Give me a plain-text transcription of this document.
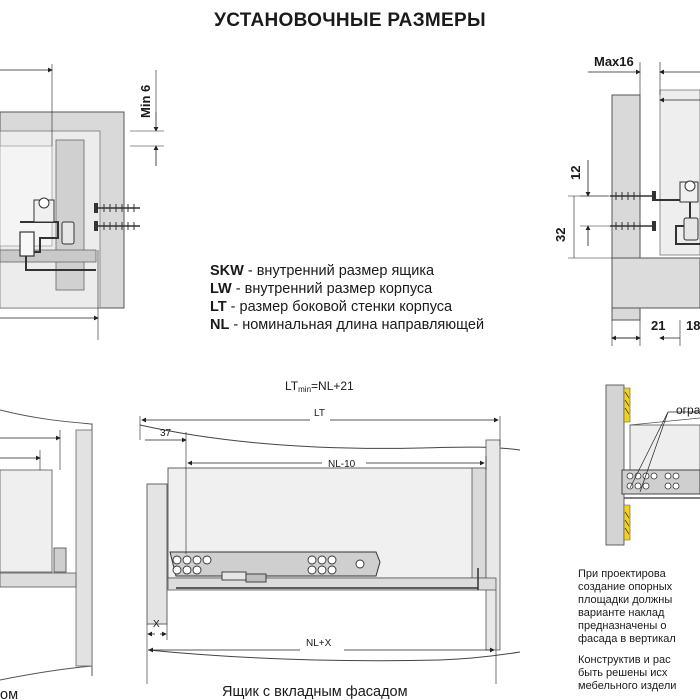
УСТАНОВОЧНЫЕ РАЗМЕРЫ
Min 6
Max16
12
32
21 18
ом
LTmin=NL+21
LT
37
NL-10
X
NL+X
огра
SKW - внутренний размер ящика
LW - внутренний размер корпуса
LT - размер боковой стенки корпуса
NL - номинальная длина направляющей
При проектирова
создание опорных
площадки должны
варианте наклад
предназначены о
фасада в вертикал
Конструктив и рас
быть решены исх
мебельного издели
Ящик с вкладным фасадом
